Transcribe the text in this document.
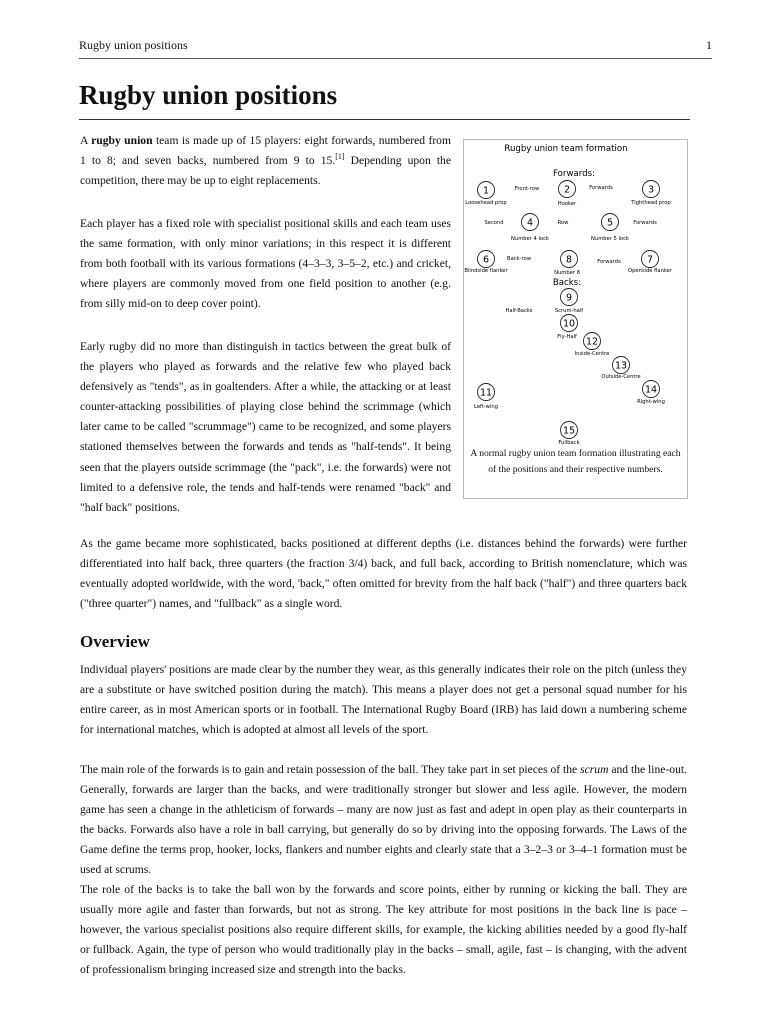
Rugby union positions	1
Rugby union positions

A rugby union team is made up of 15 players: eight forwards, numbered from 1 to 8; and seven backs, numbered from 9 to 15.[1] Depending upon the competition, there may be up to eight replacements.

Each player has a fixed role with specialist positional skills and each team uses the same formation, with only minor variations; in this respect it is different from both football with its various formations (4–3–3, 3–5–2, etc.) and cricket, where players are commonly moved from one field position to another (e.g. from silly mid-on to deep cover point).

Early rugby did no more than distinguish in tactics between the great bulk of the players who played as forwards and the relative few who played back defensively as "tends", as in goaltenders. After a while, the attacking or at least counter-attacking possibilities of playing close behind the scrimmage (which later came to be called "scrummage") came to be recognized, and some players stationed themselves between the forwards and tends as "half-tends". It being seen that the players outside scrimmage (the "pack", i.e. the forwards) were not limited to a defensive role, the tends and half-tends were renamed "back" and "half back" positions.

As the game became more sophisticated, backs positioned at different depths (i.e. distances behind the forwards) were further differentiated into half back, three quarters (the fraction 3/4) back, and full back, according to British nomenclature, which was eventually adopted worldwide, with the word, 'back," often omitted for brevity from the half back ("half") and three quarters back ("three quarter") names, and "fullback" as a single word.

Overview

Individual players' positions are made clear by the number they wear, as this generally indicates their role on the pitch (unless they are a substitute or have switched position during the match). This means a player does not get a personal squad number for his entire career, as in most American sports or in football. The International Rugby Board (IRB) has laid down a numbering scheme for international matches, which is adopted at almost all levels of the sport.

The main role of the forwards is to gain and retain possession of the ball. They take part in set pieces of the scrum and the line-out. Generally, forwards are larger than the backs, and were traditionally stronger but slower and less agile. However, the modern game has seen a change in the athleticism of forwards – many are now just as fast and adept in open play as their counterparts in the backs. Forwards also have a role in ball carrying, but generally do so by driving into the opposing forwards. The Laws of the Game define the terms prop, hooker, locks, flankers and number eights and clearly state that a 3–2–3 or 3–4–1 formation must be used at scrums.

The role of the backs is to take the ball won by the forwards and score points, either by running or kicking the ball. They are usually more agile and faster than forwards, but not as strong. The key attribute for most positions in the back line is pace – however, the various specialist positions also require different skills, for example, the kicking abilities needed by a good fly-half or fullback. Again, the type of person who would traditionally play in the backs – small, agile, fast – is changing, with the advent of professionalism bringing increased size and strength into the backs.

Rugby union team formation
Forwards:
Front-row	Forwards
Second	Row	Forwards
Back-row	Forwards
Backs:
Half-Backs
1
Loosehead prop
2
Hooker
3
Tighthead prop
4
Number 4 lock
5
Number 5 lock
6
Blindside flanker
7
Openside flanker
8
Number 8
9
Scrum-half
10
Fly-Half
11
Left-wing
12
Inside-Centre
13
Outside-Centre
14
Right-wing
15
Fullback

A normal rugby union team formation illustrating each of the positions and their respective numbers.
